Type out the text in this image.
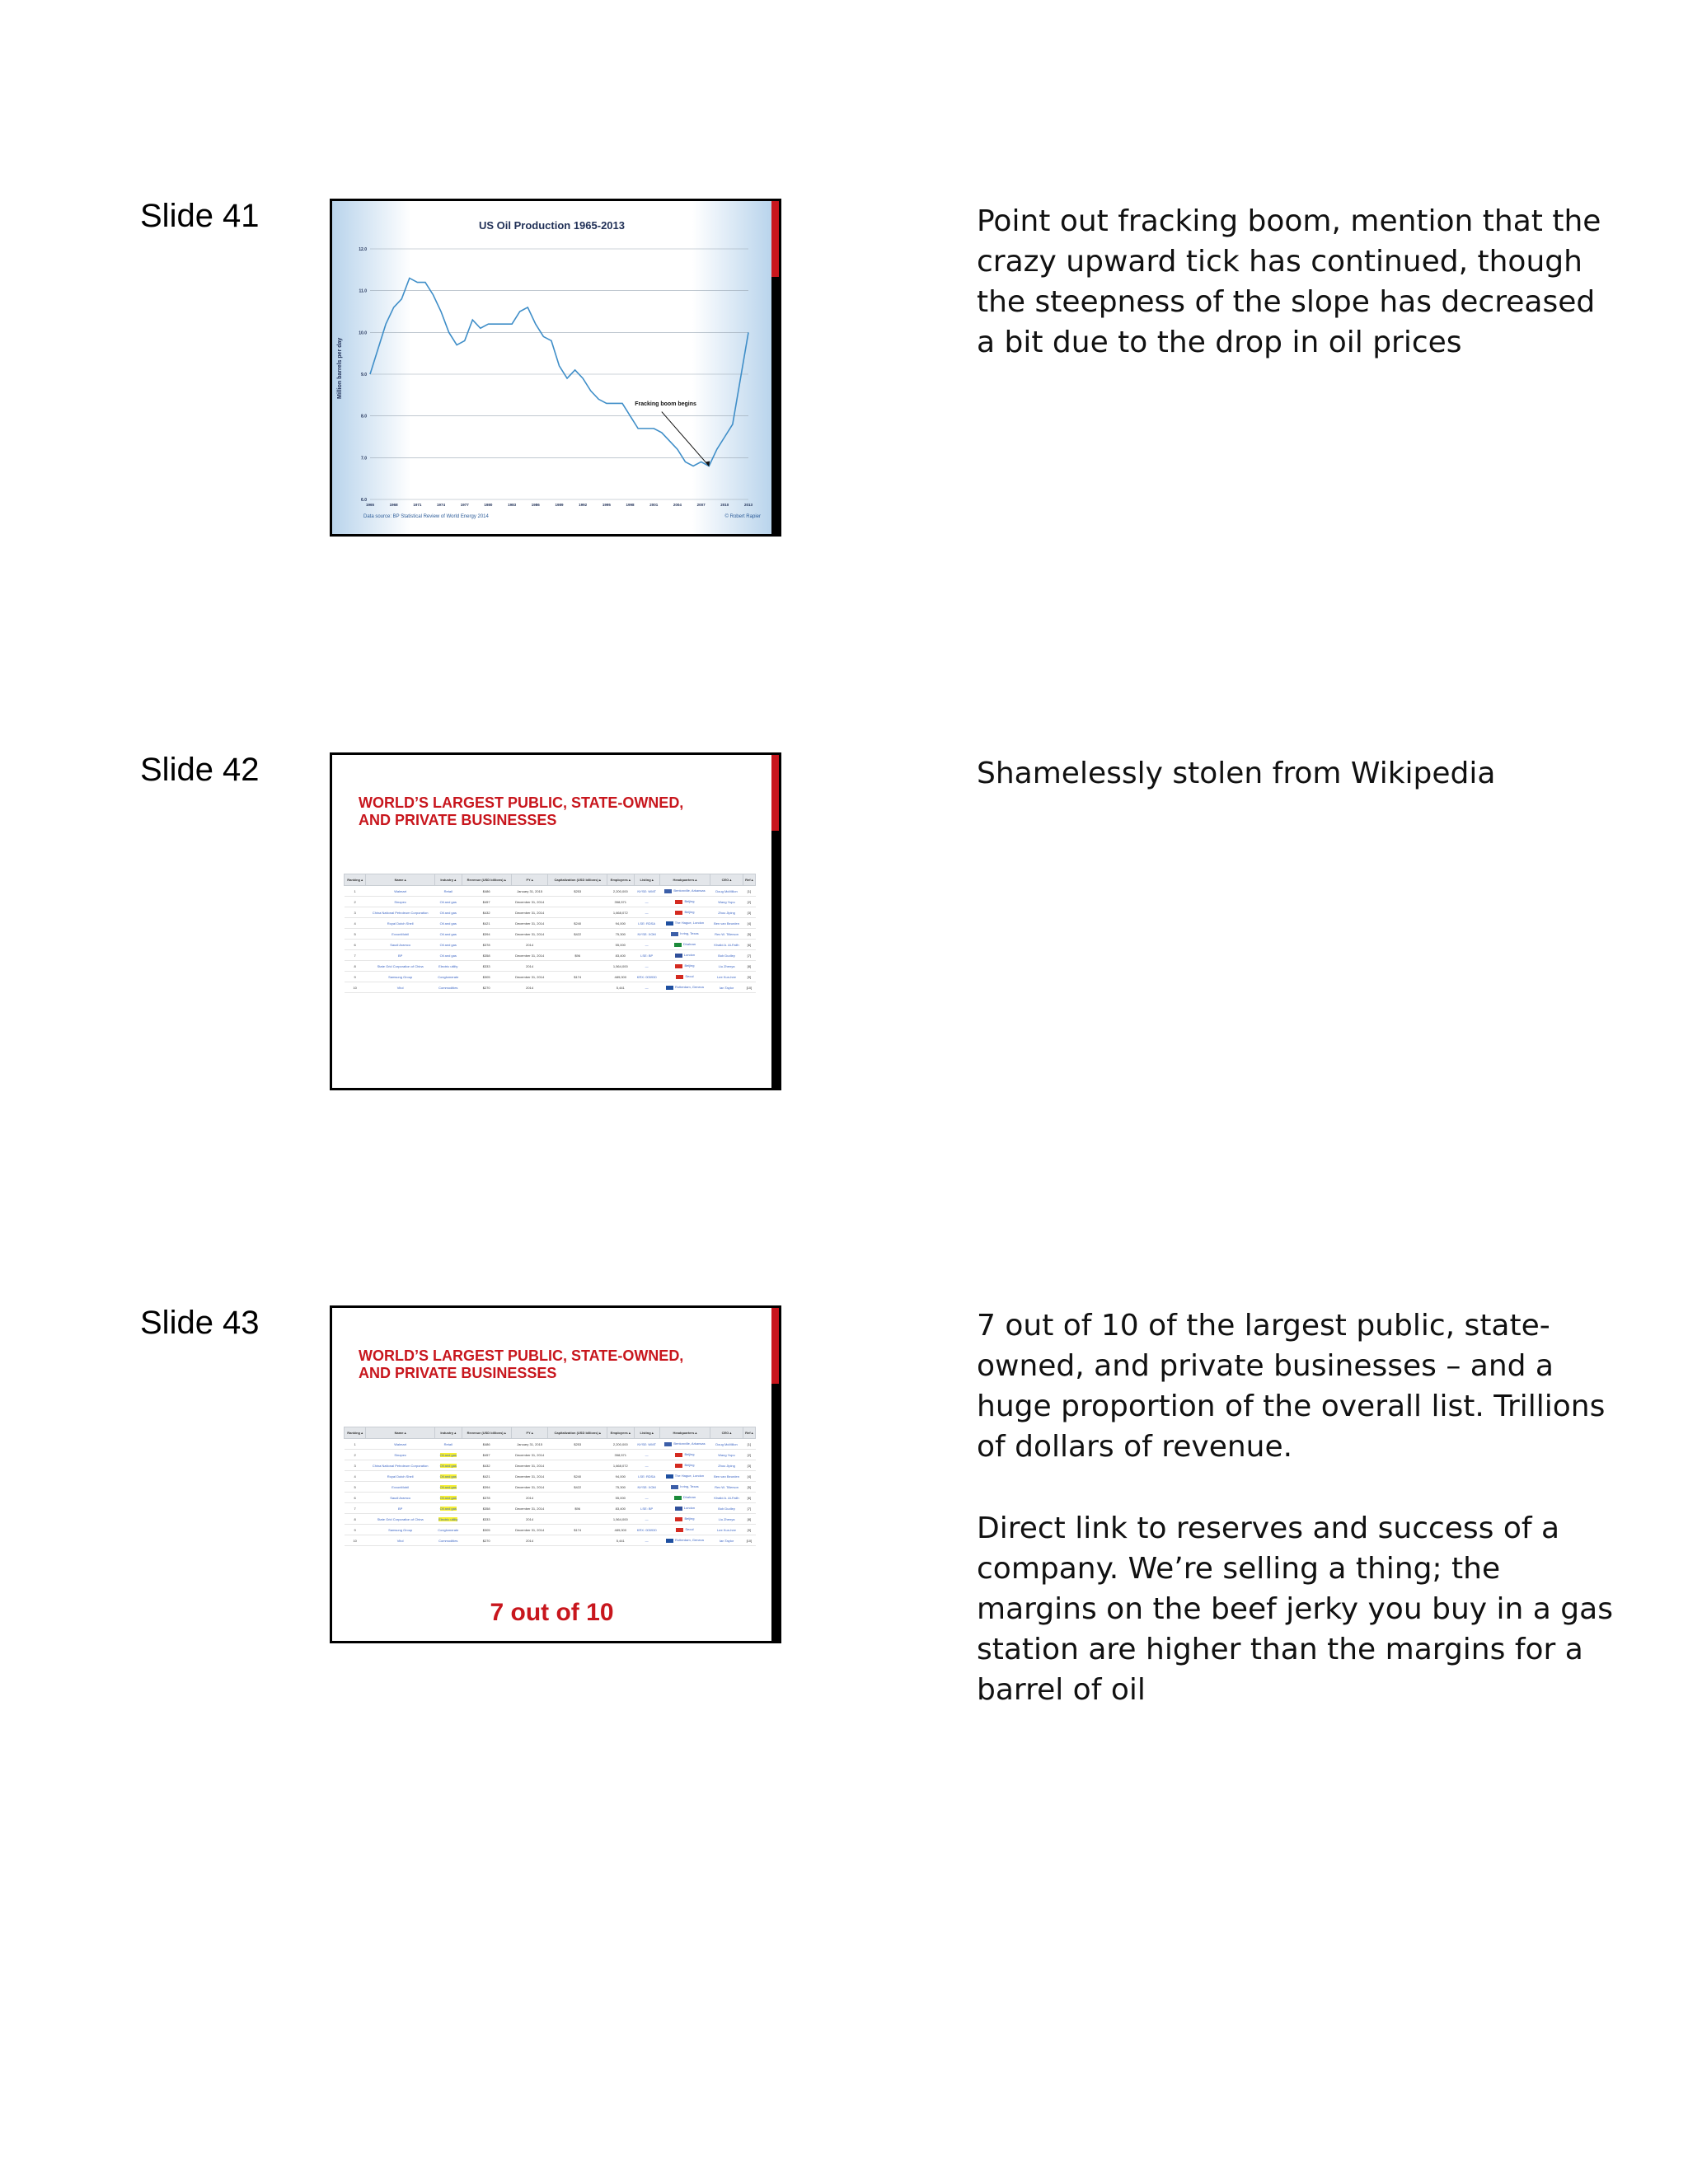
Slide 41	US Oil Production 1965-2013
Million barrels per day
12.0
11.0
10.0
9.0
8.0
7.0
6.0
1965	1968	1971	1974	1977	1980	1983	1986	1989	1992	1995	1998	2001	2004	2007	2010	2013
Fracking boom begins
Data source: BP Statistical Review of World Energy 2014	© Robert Rapier

Point out fracking boom, mention that the crazy upward tick has continued, though the steepness of the slope has decreased a bit due to the drop in oil prices

Slide 42
WORLD’S LARGEST PUBLIC, STATE-OWNED,
AND PRIVATE BUSINESSES
Ranking ▴	Name ▴	Industry ▴	Revenue (USD billions) ▴	FY ▴	Capitalization (USD billions) ▴	Employees ▴	Listing ▴	Headquarters ▴	CEO ▴	Ref ▴
1	Walmart	Retail	$486	January 31, 2015	$253	2,200,000	NYSE: WMT	Bentonville, Arkansas	Doug McMillon	[1]
2	Sinopec	Oil and gas	$457	December 31, 2014		358,571	—	Beijing	Wang Yupu	[2]
3	China National Petroleum Corporation	Oil and gas	$432	December 31, 2014		1,668,072	—	Beijing	Zhou Jiping	[3]
4	Royal Dutch Shell	Oil and gas	$421	December 31, 2014	$240	94,000	LSE: RDSA	The Hague, London	Ben van Beurden	[4]
5	ExxonMobil	Oil and gas	$394	December 31, 2014	$422	75,300	NYSE: XOM	Irving, Texas	Rex W. Tillerson	[5]
6	Saudi Aramco	Oil and gas	$378	2014		55,000	—	Dhahran	Khalid A. Al-Falih	[6]
7	BP	Oil and gas	$358	December 31, 2014	$96	83,400	LSE: BP	London	Bob Dudley	[7]
8	State Grid Corporation of China	Electric utility	$333	2014		1,564,000	—	Beijing	Liu Zhenya	[8]
9	Samsung Group	Conglomerate	$305	December 31, 2014	$174	489,000	KRX: 005930	Seoul	Lee Kun-hee	[9]
10	Vitol	Commodities	$270	2014		5,441	—	Rotterdam, Geneva	Ian Taylor	[10]

Shamelessly stolen from Wikipedia

Slide 43
WORLD’S LARGEST PUBLIC, STATE-OWNED,
AND PRIVATE BUSINESSES
Ranking ▴	Name ▴	Industry ▴	Revenue (USD billions) ▴	FY ▴	Capitalization (USD billions) ▴	Employees ▴	Listing ▴	Headquarters ▴	CEO ▴	Ref ▴
1	Walmart	Retail	$486	January 31, 2015	$253	2,200,000	NYSE: WMT	Bentonville, Arkansas	Doug McMillon	[1]
2	Sinopec	Oil and gas	$457	December 31, 2014		358,571	—	Beijing	Wang Yupu	[2]
3	China National Petroleum Corporation	Oil and gas	$432	December 31, 2014		1,668,072	—	Beijing	Zhou Jiping	[3]
4	Royal Dutch Shell	Oil and gas	$421	December 31, 2014	$240	94,000	LSE: RDSA	The Hague, London	Ben van Beurden	[4]
5	ExxonMobil	Oil and gas	$394	December 31, 2014	$422	75,300	NYSE: XOM	Irving, Texas	Rex W. Tillerson	[5]
6	Saudi Aramco	Oil and gas	$378	2014		55,000	—	Dhahran	Khalid A. Al-Falih	[6]
7	BP	Oil and gas	$358	December 31, 2014	$96	83,400	LSE: BP	London	Bob Dudley	[7]
8	State Grid Corporation of China	Electric utility	$333	2014		1,564,000	—	Beijing	Liu Zhenya	[8]
9	Samsung Group	Conglomerate	$305	December 31, 2014	$174	489,000	KRX: 005930	Seoul	Lee Kun-hee	[9]
10	Vitol	Commodities	$270	2014		5,441	—	Rotterdam, Geneva	Ian Taylor	[10]
7 out of 10

7 out of 10 of the largest public, state-owned, and private businesses – and a huge proportion of the overall list. Trillions of dollars of revenue.

Direct link to reserves and success of a company. We’re selling a thing; the margins on the beef jerky you buy in a gas station are higher than the margins for a barrel of oil
